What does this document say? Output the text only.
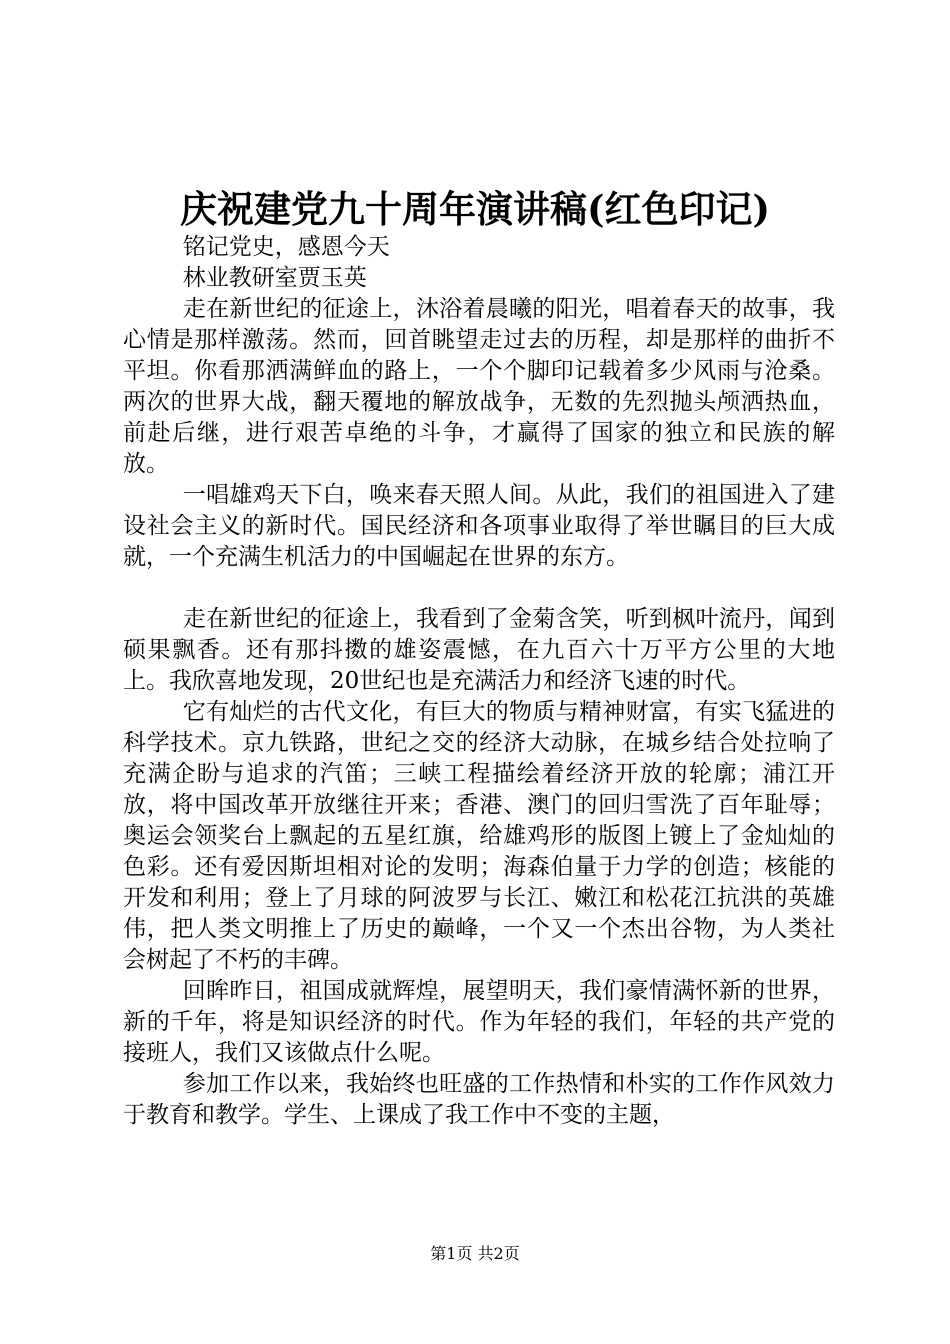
庆祝建党九十周年演讲稿(红色印记)

铭记党史，感恩今天

林业教研室贾玉英

走在新世纪的征途上，沐浴着晨曦的阳光，唱着春天的故事，我心情是那样激荡。然而，回首眺望走过去的历程，却是那样的曲折不平坦。你看那洒满鲜血的路上，一个个脚印记载着多少风雨与沧桑。两次的世界大战，翻天覆地的解放战争，无数的先烈抛头颅洒热血，前赴后继，进行艰苦卓绝的斗争，才赢得了国家的独立和民族的解放。

一唱雄鸡天下白，唤来春天照人间。从此，我们的祖国进入了建设社会主义的新时代。国民经济和各项事业取得了举世瞩目的巨大成就，一个充满生机活力的中国崛起在世界的东方。

走在新世纪的征途上，我看到了金菊含笑，听到枫叶流丹，闻到硕果飘香。还有那抖擞的雄姿震憾，在九百六十万平方公里的大地上。我欣喜地发现，20世纪也是充满活力和经济飞速的时代。

它有灿烂的古代文化，有巨大的物质与精神财富，有实飞猛进的科学技术。京九铁路，世纪之交的经济大动脉，在城乡结合处拉响了充满企盼与追求的汽笛；三峡工程描绘着经济开放的轮廓；浦江开放，将中国改革开放继往开来；香港、澳门的回归雪洗了百年耻辱；奥运会领奖台上飘起的五星红旗，给雄鸡形的版图上镀上了金灿灿的色彩。还有爱因斯坦相对论的发明；海森伯量于力学的创造；核能的开发和利用；登上了月球的阿波罗与长江、嫩江和松花江抗洪的英雄伟，把人类文明推上了历史的巅峰，一个又一个杰出谷物，为人类社会树起了不朽的丰碑。

回眸昨日，祖国成就辉煌，展望明天，我们豪情满怀新的世界，新的千年，将是知识经济的时代。作为年轻的我们，年轻的共产党的接班人，我们又该做点什么呢。

参加工作以来，我始终也旺盛的工作热情和朴实的工作作风效力于教育和教学。学生、上课成了我工作中不变的主题，

第1页 共2页
